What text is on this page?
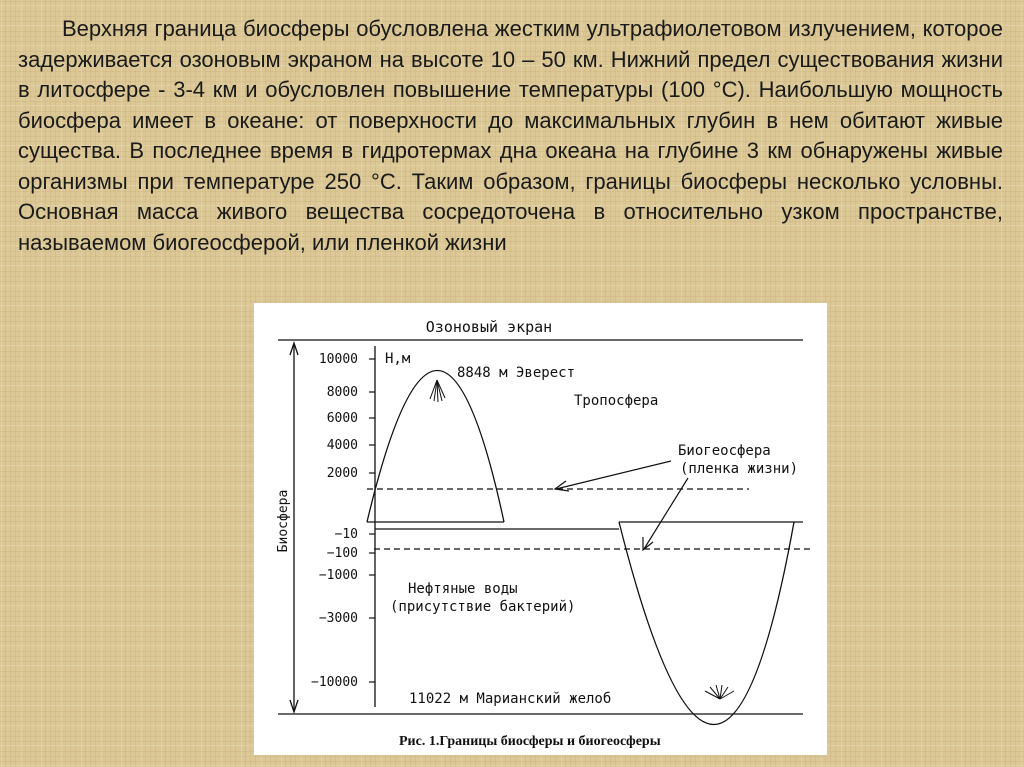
Верхняя граница биосферы обусловлена жестким ультрафиолетовом излучением, которое задерживается озоновым экраном на высоте 10 – 50 км. Нижний предел существования жизни в литосфере - 3-4 км и обусловлен повышение температуры (100 °С). Наибольшую мощность биосфера имеет в океане: от поверхности до максимальных глубин в нем обитают живые существа. В последнее время в гидротермах дна океана на глубине 3 км обнаружены живые организмы при температуре 250 °С. Таким образом, границы биосферы несколько условны. Основная масса живого вещества сосредоточена в относительно узком пространстве, называемом биогеосферой, или пленкой жизни

Озоновый экран
Биосфера
Н,м
10000
8000
6000
4000
2000
−10
−100
−1000
−3000
−10000
8848 м Эверест
Тропосфера
Биогеосфера
(пленка жизни)
Нефтяные воды
(присутствие бактерий)
11022 м Марианский желоб
Рис. 1.Границы биосферы и биогеосферы
